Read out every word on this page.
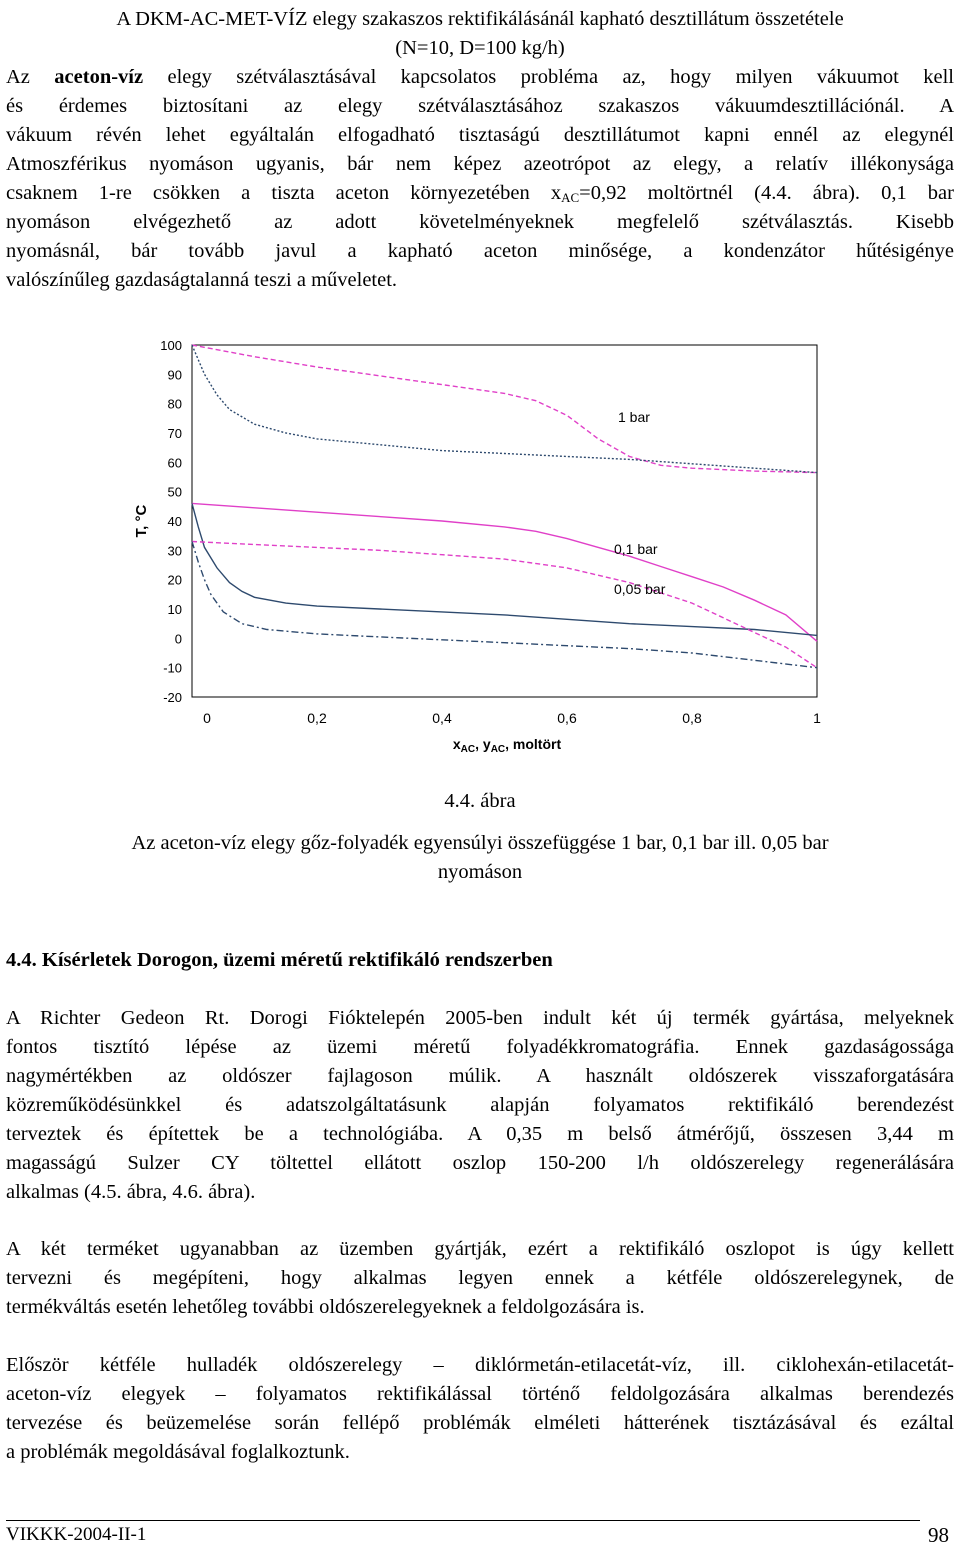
A DKM-AC-MET-VÍZ elegy szakaszos rektifikálásánál kapható desztillátum összetétele
(N=10, D=100 kg/h)
Az aceton-víz elegy szétválasztásával kapcsolatos probléma az, hogy milyen vákuumot kell
és érdemes biztosítani az elegy szétválasztásához szakaszos vákuumdesztillációnál. A
vákuum révén lehet egyáltalán elfogadható tisztaságú desztillátumot kapni ennél az elegynél
Atmoszférikus nyomáson ugyanis, bár nem képez azeotrópot az elegy, a relatív illékonysága
csaknem 1-re csökken a tiszta aceton környezetében $x_{AC}=0,92$ moltörtnél (4.4. ábra). 0,1 bar
nyomáson elvégezhető az adott követelményeknek megfelelő szétválasztás. Kisebb
nyomásnál, bár tovább javul a kapható aceton minősége, a kondenzátor hűtésigénye
valószínűleg gazdaságtalanná teszi a műveletet.
100
90
80
70
60
50
40
30
20
10
0
-10
-20
0	0,2	0,4	0,6	0,8	1
1 bar
0,1 bar
0,05 bar
T, °C
$x_{AC}$, $y_{AC}$, moltört
4.4. ábra
Az aceton-víz elegy gőz-folyadék egyensúlyi összefüggése 1 bar, 0,1 bar ill. 0,05 bar
nyomáson
4.4. Kísérletek Dorogon, üzemi méretű rektifikáló rendszerben
A Richter Gedeon Rt. Dorogi Fióktelepén 2005-ben indult két új termék gyártása, melyeknek
fontos tisztító lépése az üzemi méretű folyadékkromatográfia. Ennek gazdaságossága
nagymértékben az oldószer fajlagoson múlik. A használt oldószerek visszaforgatására
közreműködésünkkel és adatszolgáltatásunk alapján folyamatos rektifikáló berendezést
terveztek és építettek be a technológiába. A 0,35 m belső átmérőjű, összesen 3,44 m
magasságú Sulzer CY töltettel ellátott oszlop 150-200 l/h oldószerelegy regenerálására
alkalmas (4.5. ábra, 4.6. ábra).
A két terméket ugyanabban az üzemben gyártják, ezért a rektifikáló oszlopot is úgy kellett
tervezni és megépíteni, hogy alkalmas legyen ennek a kétféle oldószerelegynek, de
termékváltás esetén lehetőleg további oldószerelegyeknek a feldolgozására is.
Először kétféle hulladék oldószerelegy – diklórmetán-etilacetát-víz, ill. ciklohexán-etilacetát-
aceton-víz elegyek – folyamatos rektifikálással történő feldolgozására alkalmas berendezés
tervezése és beüzemelése során fellépő problémák elméleti hátterének tisztázásával és ezáltal
a problémák megoldásával foglalkoztunk.
VIKKK-2004-II-1	98
